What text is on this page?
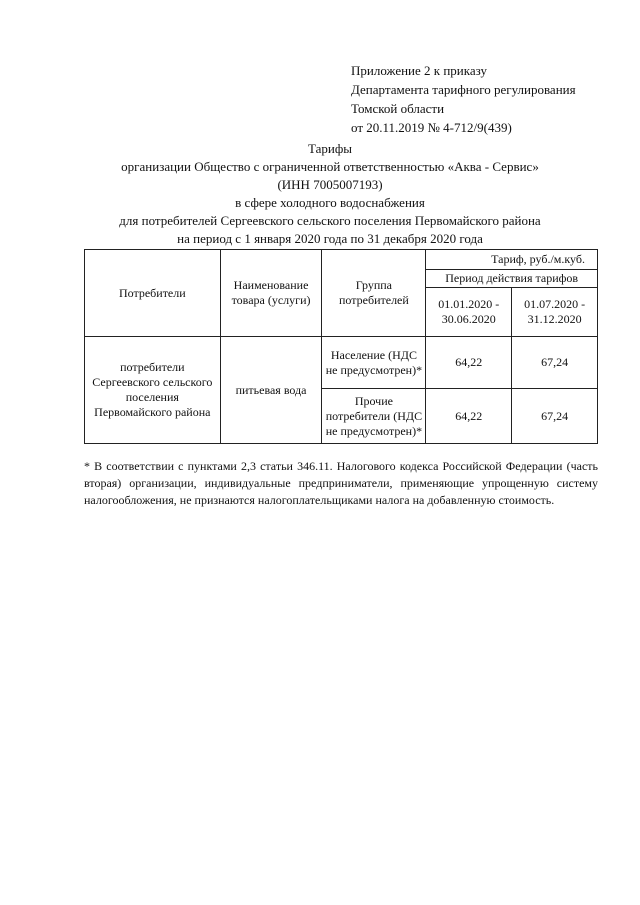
Приложение 2 к приказу
Департамента тарифного регулирования
Томской области
от 20.11.2019 № 4-712/9(439)
Тарифы
организации Общество с ограниченной ответственностью «Аква - Сервис»
(ИНН 7005007193)
в сфере холодного водоснабжения
для потребителей Сергеевского сельского поселения Первомайского района
на период с 1 января 2020 года по 31 декабря 2020 года
Потребители	Наименование товара (услуги)	Группа потребителей	Тариф, руб./м.куб.	
			Период действия тарифов	
			01.01.2020 - 30.06.2020	01.07.2020 - 31.12.2020
потребители Сергеевского сельского поселения Первомайского района	питьевая вода	Население (НДС не предусмотрен)*	64,22	67,24
		Прочие потребители (НДС не предусмотрен)*	64,22	67,24
* В соответствии с пунктами 2,3 статьи 346.11. Налогового кодекса Российской Федерации (часть вторая) организации, индивидуальные предприниматели, применяющие упрощенную систему налогообложения, не признаются налогоплательщиками налога на добавленную стоимость.
